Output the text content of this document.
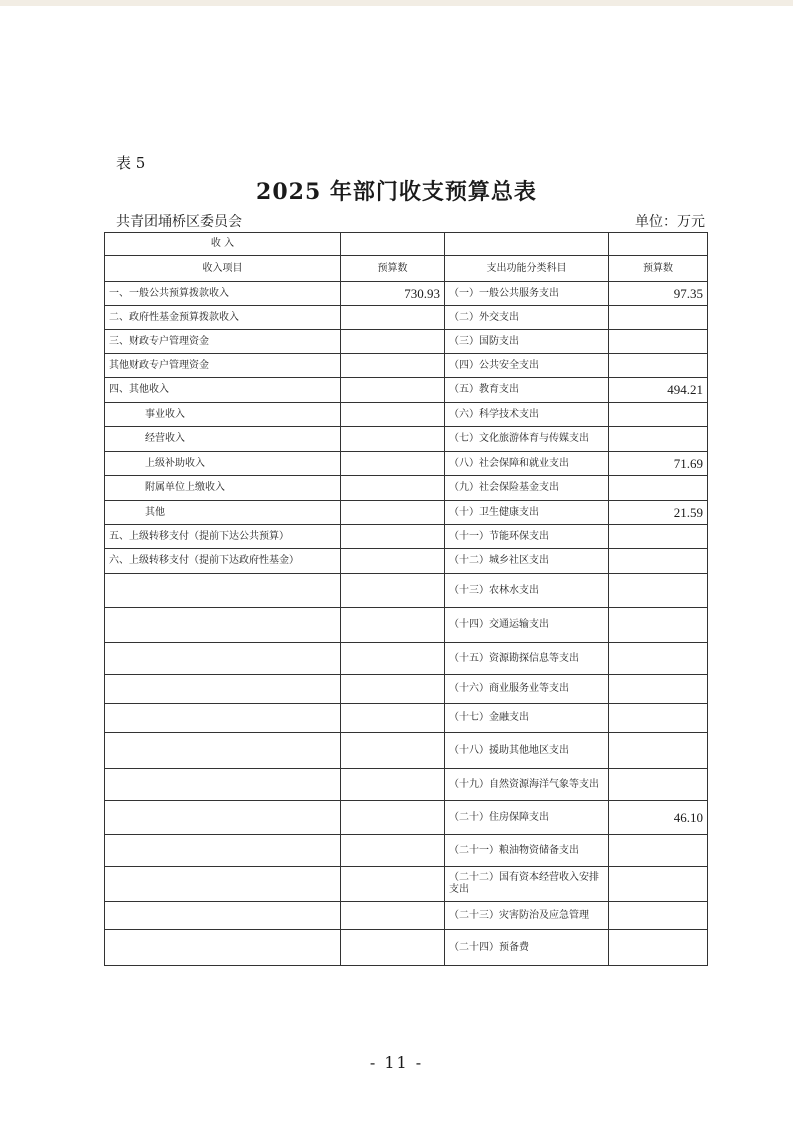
表 5
2025 年部门收支预算总表
共青团埇桥区委员会	单位：万元
收 入			
收入项目	预算数	支出功能分类科目	预算数
一、一般公共预算拨款收入	730.93	（一）一般公共服务支出	97.35
二、政府性基金预算拨款收入		（二）外交支出	
三、财政专户管理资金		（三）国防支出	
其他财政专户管理资金		（四）公共安全支出	
四、其他收入		（五）教育支出	494.21
事业收入		（六）科学技术支出	
经营收入		（七）文化旅游体育与传媒支出	
上级补助收入		（八）社会保障和就业支出	71.69
附属单位上缴收入		（九）社会保险基金支出	
其他		（十）卫生健康支出	21.59
五、上级转移支付（提前下达公共预算）		（十一）节能环保支出	
六、上级转移支付（提前下达政府性基金）		（十二）城乡社区支出	
		（十三）农林水支出	
		（十四）交通运输支出	
		（十五）资源勘探信息等支出	
		（十六）商业服务业等支出	
		（十七）金融支出	
		（十八）援助其他地区支出	
		（十九）自然资源海洋气象等支出	
		（二十）住房保障支出	46.10
		（二十一）粮油物资储备支出	
		（二十二）国有资本经营收入安排支出	
		（二十三）灾害防治及应急管理	
		（二十四）预备费	
- 11 -
